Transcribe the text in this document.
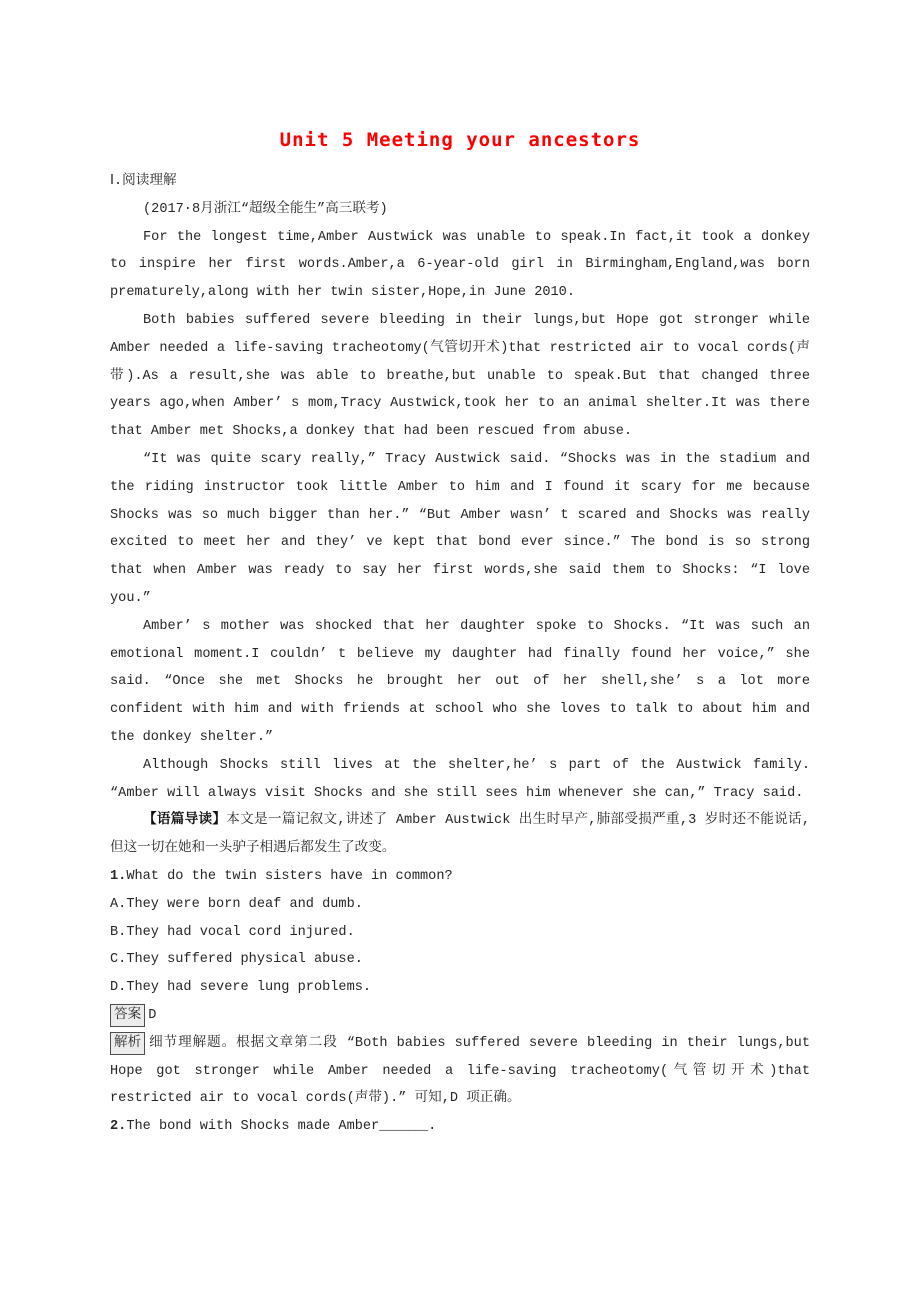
Unit 5 Meeting your ancestors

Ⅰ.阅读理解

(2017·8月浙江“超级全能生”高三联考)

For the longest time,Amber Austwick was unable to speak.In fact,it took a donkey to inspire her first words.Amber,a 6-year-old girl in Birmingham,England,was born prematurely,along with her twin sister,Hope,in June 2010.

Both babies suffered severe bleeding in their lungs,but Hope got stronger while Amber needed a life-saving tracheotomy(气管切开术)that restricted air to vocal cords(声带).As a result,she was able to breathe,but unable to speak.But that changed three years ago,when Amber’ s mom,Tracy Austwick,took her to an animal shelter.It was there that Amber met Shocks,a donkey that had been rescued from abuse.

“It was quite scary really,” Tracy Austwick said. “Shocks was in the stadium and the riding instructor took little Amber to him and I found it scary for me because Shocks was so much bigger than her.” “But Amber wasn’ t scared and Shocks was really excited to meet her and they’ ve kept that bond ever since.” The bond is so strong that when Amber was ready to say her first words,she said them to Shocks: “I love you.”

Amber’ s mother was shocked that her daughter spoke to Shocks. “It was such an emotional moment.I couldn’ t believe my daughter had finally found her voice,” she said. “Once she met Shocks he brought her out of her shell,she’ s a lot more confident with him and with friends at school who she loves to talk to about him and the donkey shelter.”

Although Shocks still lives at the shelter,he’ s part of the Austwick family. “Amber will always visit Shocks and she still sees him whenever she can,” Tracy said.

【语篇导读】本文是一篇记叙文,讲述了 Amber Austwick 出生时早产,肺部受损严重,3 岁时还不能说话,但这一切在她和一头驴子相遇后都发生了改变。

1.What do the twin sisters have in common?

A.They were born deaf and dumb.

B.They had vocal cord injured.

C.They suffered physical abuse.

D.They had severe lung problems.

答案 D

解析 细节理解题。根据文章第二段 “Both babies suffered severe bleeding in their lungs,but Hope got stronger while Amber needed a life-saving tracheotomy(气管切开术)that restricted air to vocal cords(声带).” 可知,D 项正确。

2.The bond with Shocks made Amber______.
